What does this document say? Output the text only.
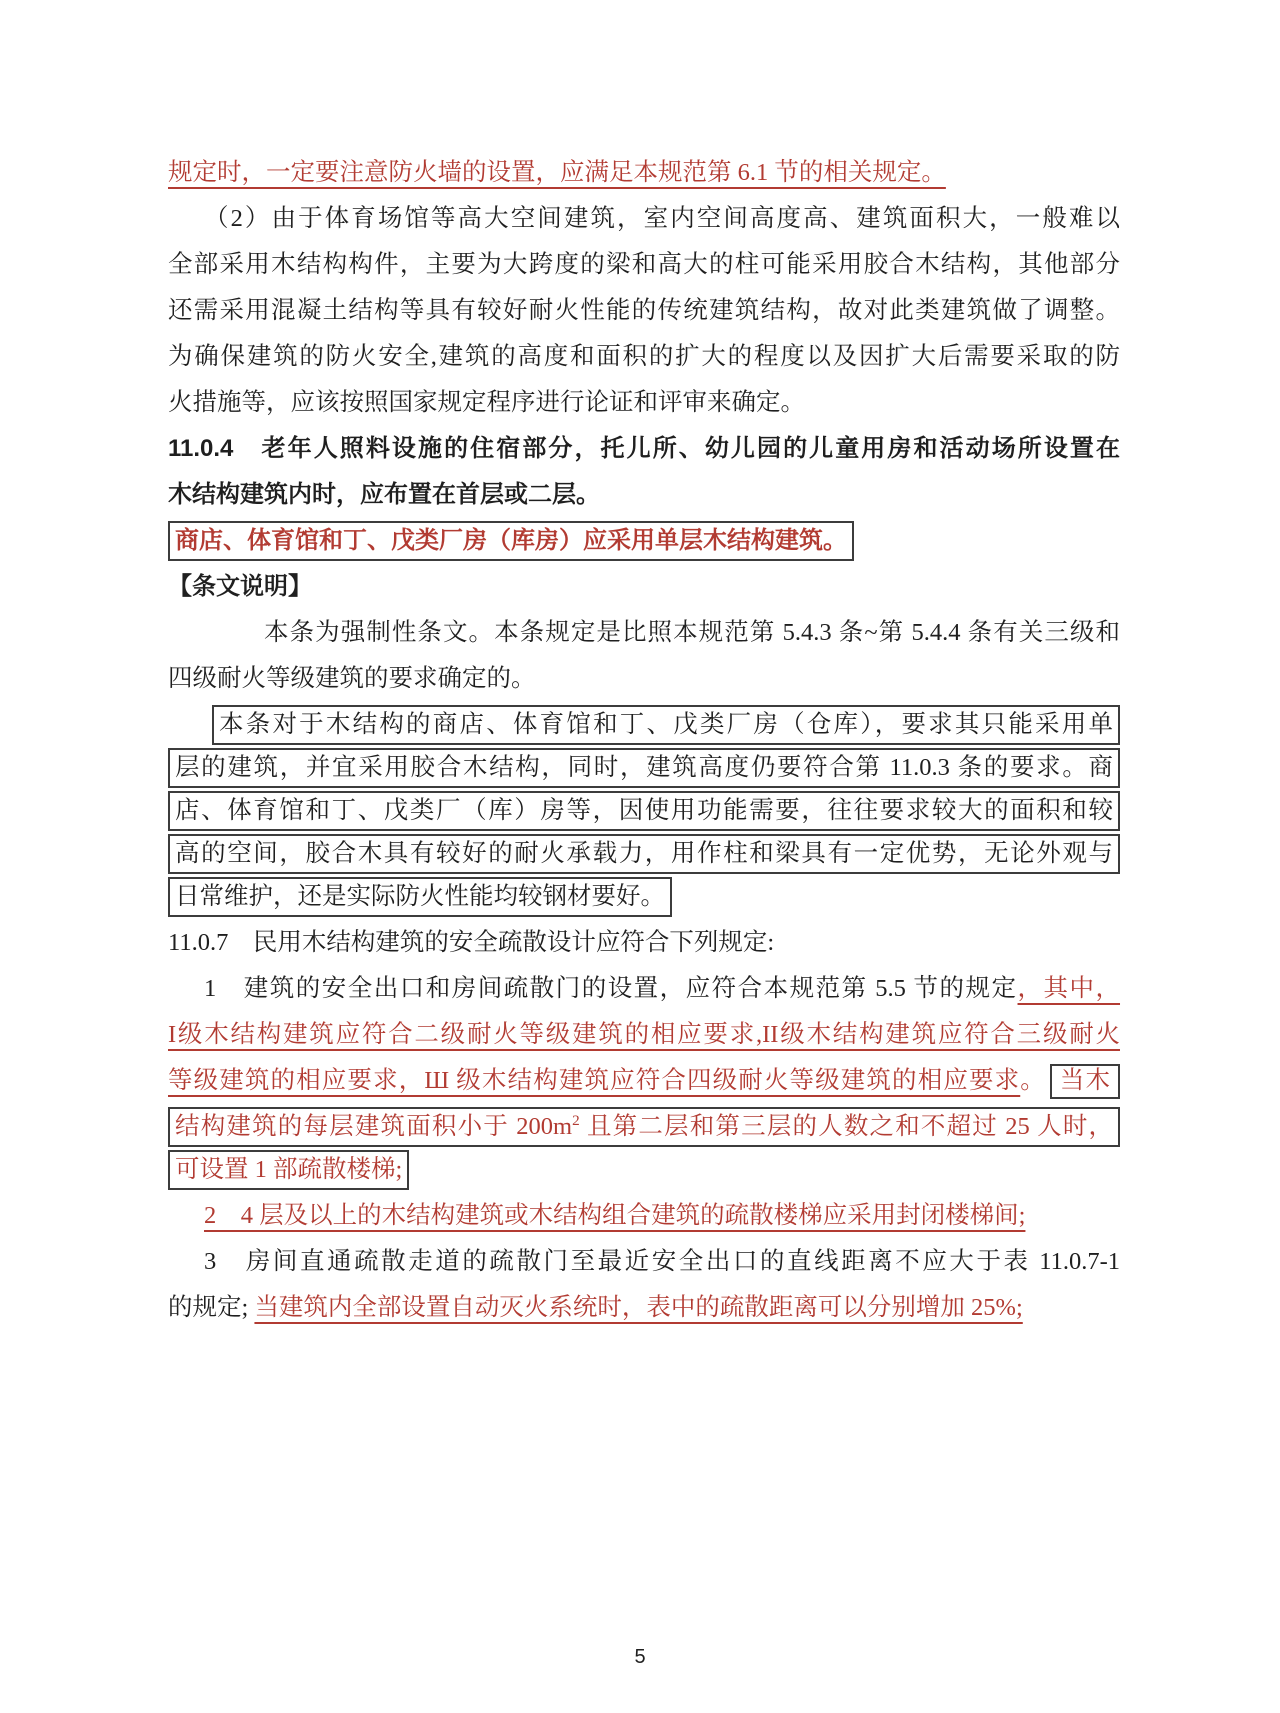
规定时，一定要注意防火墙的设置，应满足本规范第 6.1 节的相关规定。
（2）由于体育场馆等高大空间建筑，室内空间高度高、建筑面积大，一般难以
全部采用木结构构件，主要为大跨度的梁和高大的柱可能采用胶合木结构，其他部分
还需采用混凝土结构等具有较好耐火性能的传统建筑结构，故对此类建筑做了调整。
为确保建筑的防火安全,建筑的高度和面积的扩大的程度以及因扩大后需要采取的防
火措施等，应该按照国家规定程序进行论证和评审来确定。
11.0.4　老年人照料设施的住宿部分，托儿所、幼儿园的儿童用房和活动场所设置在
木结构建筑内时，应布置在首层或二层。
商店、体育馆和丁、戊类厂房（库房）应采用单层木结构建筑。
【条文说明】
本条为强制性条文。本条规定是比照本规范第 5.4.3 条~第 5.4.4 条有关三级和
四级耐火等级建筑的要求确定的。
本条对于木结构的商店、体育馆和丁、戊类厂房（仓库），要求其只能采用单
层的建筑，并宜采用胶合木结构，同时，建筑高度仍要符合第 11.0.3 条的要求。商
店、体育馆和丁、戊类厂（库）房等，因使用功能需要，往往要求较大的面积和较
高的空间，胶合木具有较好的耐火承载力，用作柱和梁具有一定优势，无论外观与
日常维护，还是实际防火性能均较钢材要好。
11.0.7　民用木结构建筑的安全疏散设计应符合下列规定:
1　建筑的安全出口和房间疏散门的设置，应符合本规范第 5.5 节的规定，其中，
I级木结构建筑应符合二级耐火等级建筑的相应要求,II级木结构建筑应符合三级耐火
等级建筑的相应要求，Ш 级木结构建筑应符合四级耐火等级建筑的相应要求。 当木
结构建筑的每层建筑面积小于 $200m^2$ 且第二层和第三层的人数之和不超过 25 人时，
可设置 1 部疏散楼梯;
2　4 层及以上的木结构建筑或木结构组合建筑的疏散楼梯应采用封闭楼梯间;
3　房间直通疏散走道的疏散门至最近安全出口的直线距离不应大于表 11.0.7-1
的规定; 当建筑内全部设置自动灭火系统时，表中的疏散距离可以分别增加 25%;
5
